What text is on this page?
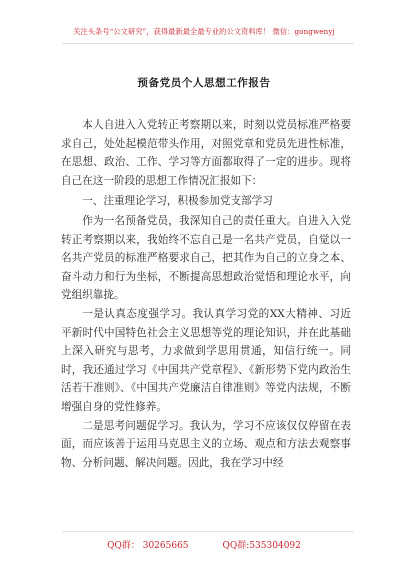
关注头条号“公文研究”，获得最新最全最专业的公文资料库！ 微信：gongwenyj
预备党员个人思想工作报告

本人自进入入党转正考察期以来，时刻以党员标准严格要求自己，处处起模范带头作用，对照党章和党员先进性标准，在思想、政治、工作、学习等方面都取得了一定的进步。现将自己在这一阶段的思想工作情况汇报如下：

一、注重理论学习，积极参加党支部学习

作为一名预备党员，我深知自己的责任重大。自进入入党转正考察期以来，我始终不忘自己是一名共产党员，自觉以一名共产党员的标准严格要求自己，把其作为自己的立身之本、奋斗动力和行为坐标，不断提高思想政治觉悟和理论水平，向党组织靠拢。

一是认真态度强学习。我认真学习党的XX大精神、习近平新时代中国特色社会主义思想等党的理论知识，并在此基础上深入研究与思考，力求做到学思用贯通，知信行统一。同时，我还通过学习《中国共产党章程》、《新形势下党内政治生活若干准则》、《中国共产党廉洁自律准则》等党内法规，不断增强自身的党性修养。

二是思考问题促学习。我认为，学习不应该仅仅停留在表面，而应该善于运用马克思主义的立场、观点和方法去观察事物、分析问题、解决问题。因此，我在学习中经

QQ群： 30265665	QQ群:535304092
